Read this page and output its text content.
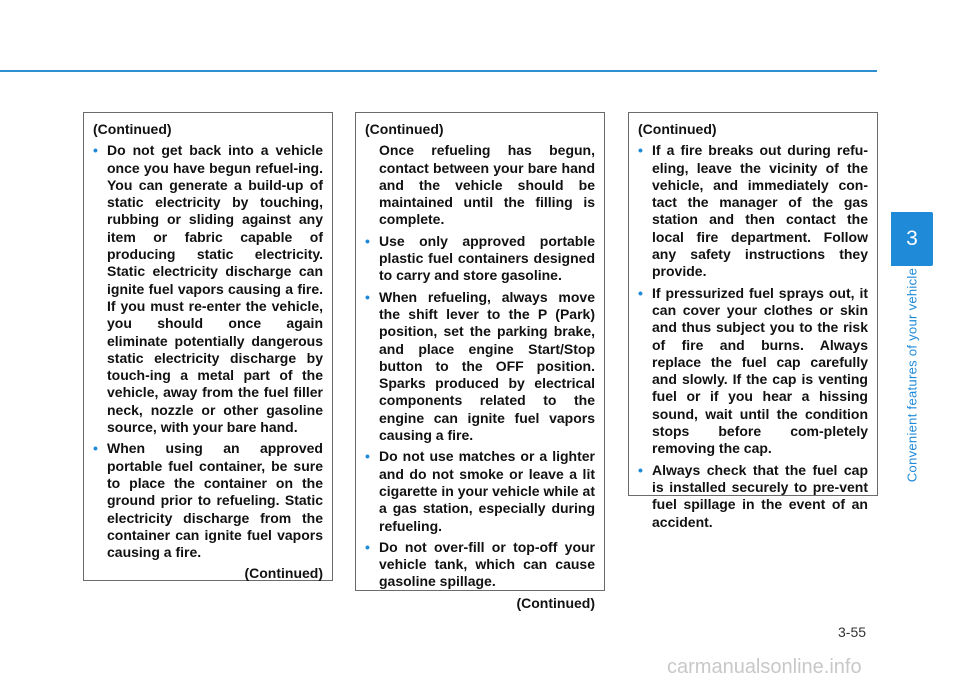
3
Convenient features of your vehicle
(Continued)
• Do not get back into a vehicle once you have begun refuel-ing. You can generate a build-up of static electricity by touching, rubbing or sliding against any item or fabric capable of producing static electricity. Static electricity discharge can ignite fuel vapors causing a fire. If you must re-enter the vehicle, you should once again eliminate potentially dangerous static electricity discharge by touch-ing a metal part of the vehicle, away from the fuel filler neck, nozzle or other gasoline source, with your bare hand.
• When using an approved portable fuel container, be sure to place the container on the ground prior to refueling. Static electricity discharge from the container can ignite fuel vapors causing a fire.
(Continued)
(Continued)
Once refueling has begun, contact between your bare hand and the vehicle should be maintained until the filling is complete.
• Use only approved portable plastic fuel containers designed to carry and store gasoline.
• When refueling, always move the shift lever to the P (Park) position, set the parking brake, and place engine Start/Stop button to the OFF position. Sparks produced by electrical components related to the engine can ignite fuel vapors causing a fire.
• Do not use matches or a lighter and do not smoke or leave a lit cigarette in your vehicle while at a gas station, especially during refueling.
• Do not over-fill or top-off your vehicle tank, which can cause gasoline spillage.
(Continued)
(Continued)
• If a fire breaks out during refu-eling, leave the vicinity of the vehicle, and immediately con-tact the manager of the gas station and then contact the local fire department. Follow any safety instructions they provide.
• If pressurized fuel sprays out, it can cover your clothes or skin and thus subject you to the risk of fire and burns. Always replace the fuel cap carefully and slowly. If the cap is venting fuel or if you hear a hissing sound, wait until the condition stops before com-pletely removing the cap.
• Always check that the fuel cap is installed securely to pre-vent fuel spillage in the event of an accident.
3-55
carmanualsonline.info
